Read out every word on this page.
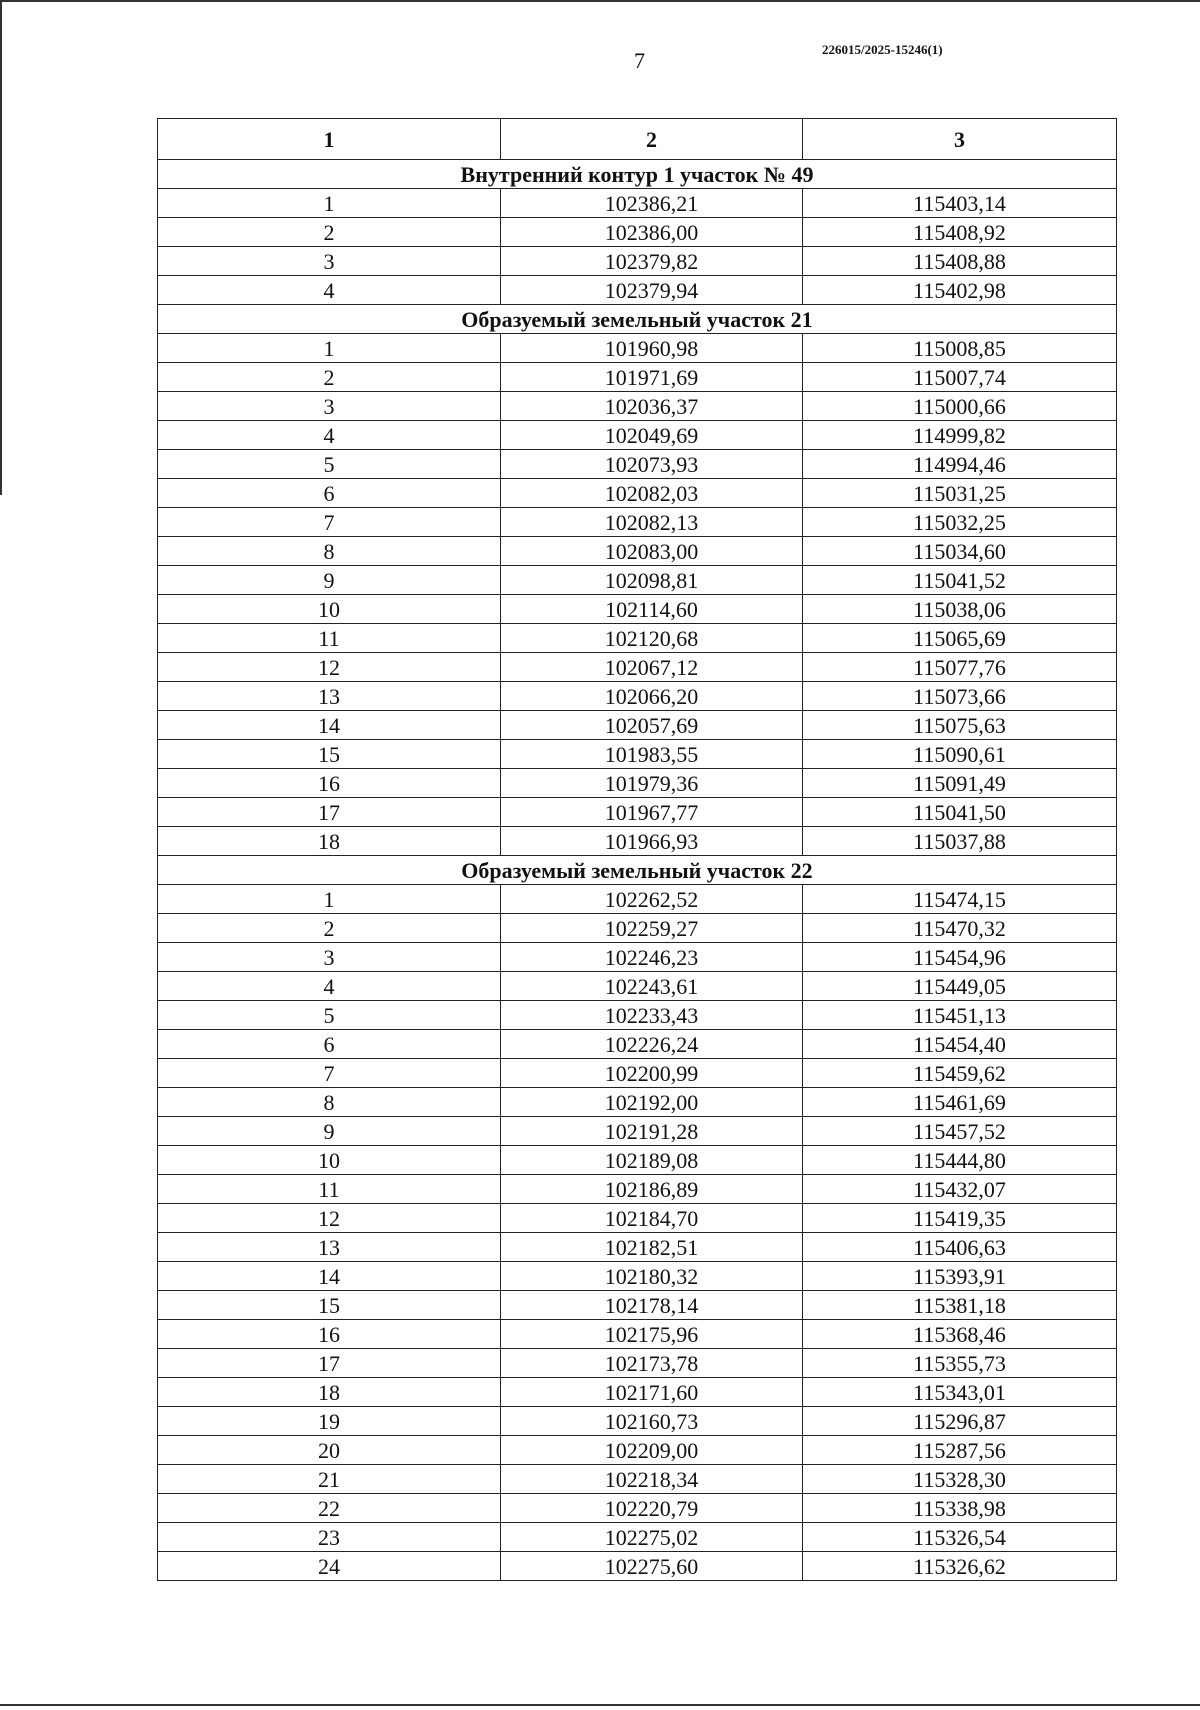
7	226015/2025-15246(1)
1	2	3
Внутренний контур 1 участок № 49		
1	102386,21	115403,14
2	102386,00	115408,92
3	102379,82	115408,88
4	102379,94	115402,98
Образуемый земельный участок 21		
1	101960,98	115008,85
2	101971,69	115007,74
3	102036,37	115000,66
4	102049,69	114999,82
5	102073,93	114994,46
6	102082,03	115031,25
7	102082,13	115032,25
8	102083,00	115034,60
9	102098,81	115041,52
10	102114,60	115038,06
11	102120,68	115065,69
12	102067,12	115077,76
13	102066,20	115073,66
14	102057,69	115075,63
15	101983,55	115090,61
16	101979,36	115091,49
17	101967,77	115041,50
18	101966,93	115037,88
Образуемый земельный участок 22		
1	102262,52	115474,15
2	102259,27	115470,32
3	102246,23	115454,96
4	102243,61	115449,05
5	102233,43	115451,13
6	102226,24	115454,40
7	102200,99	115459,62
8	102192,00	115461,69
9	102191,28	115457,52
10	102189,08	115444,80
11	102186,89	115432,07
12	102184,70	115419,35
13	102182,51	115406,63
14	102180,32	115393,91
15	102178,14	115381,18
16	102175,96	115368,46
17	102173,78	115355,73
18	102171,60	115343,01
19	102160,73	115296,87
20	102209,00	115287,56
21	102218,34	115328,30
22	102220,79	115338,98
23	102275,02	115326,54
24	102275,60	115326,62
